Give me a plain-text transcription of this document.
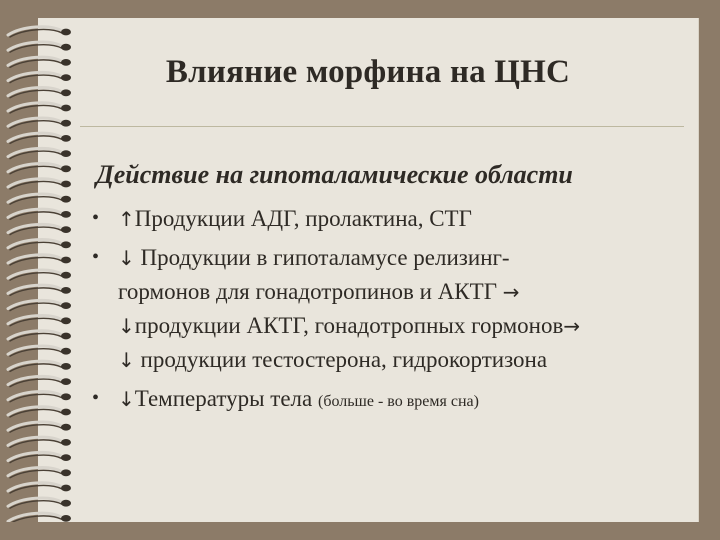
Влияние морфина на ЦНС
Действие на гипоталамические области
• ↑Продукции АДГ, пролактина, СТГ
• ↓ Продукции в гипоталамусе релизинг-
гормонов для гонадотропинов и АКТГ →
↓продукции АКТГ, гонадотропных гормонов→
↓ продукции тестостерона, гидрокортизона
• ↓Температуры тела (больше - во время сна)
